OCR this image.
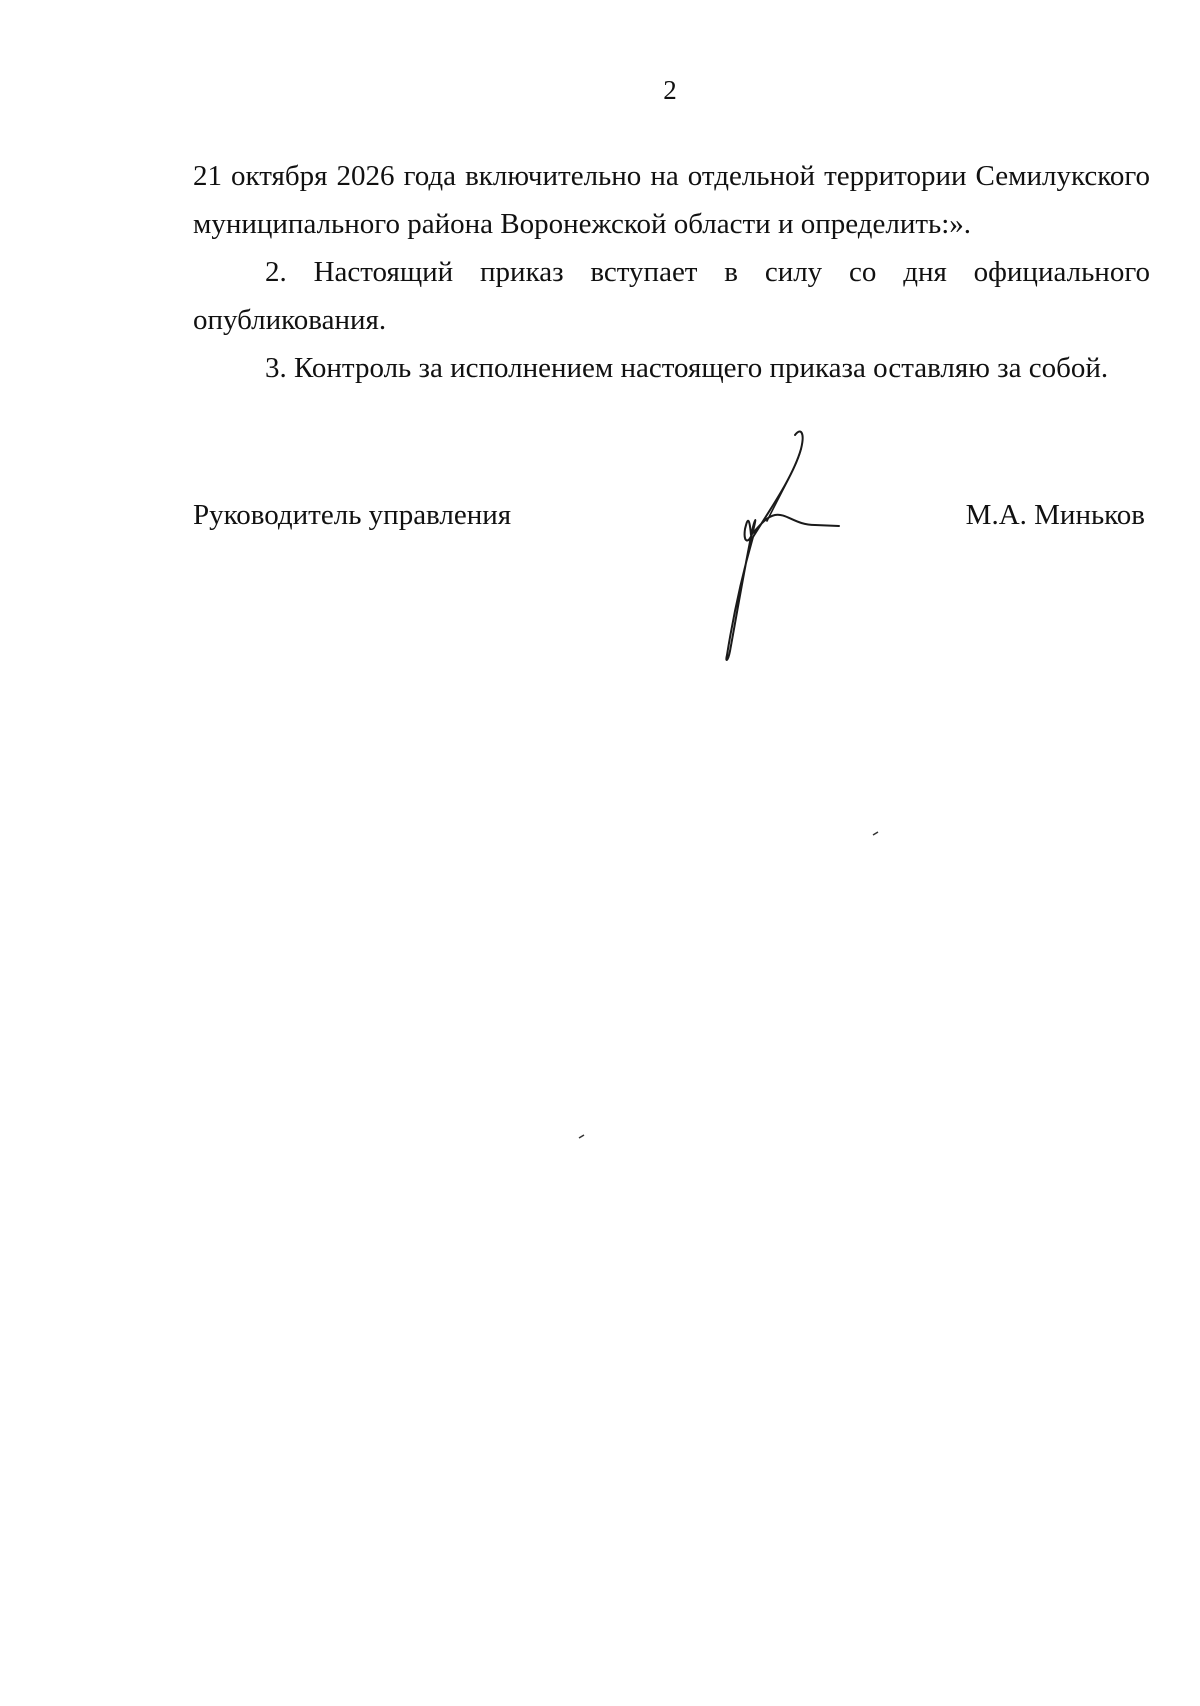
2

21 октября 2026 года включительно на отдельной территории Семилукского муниципального района Воронежской области и определить:».

2. Настоящий приказ вступает в силу со дня официального опубликования.

3. Контроль за исполнением настоящего приказа оставляю за собой.

Руководитель управления	М.А. Миньков
